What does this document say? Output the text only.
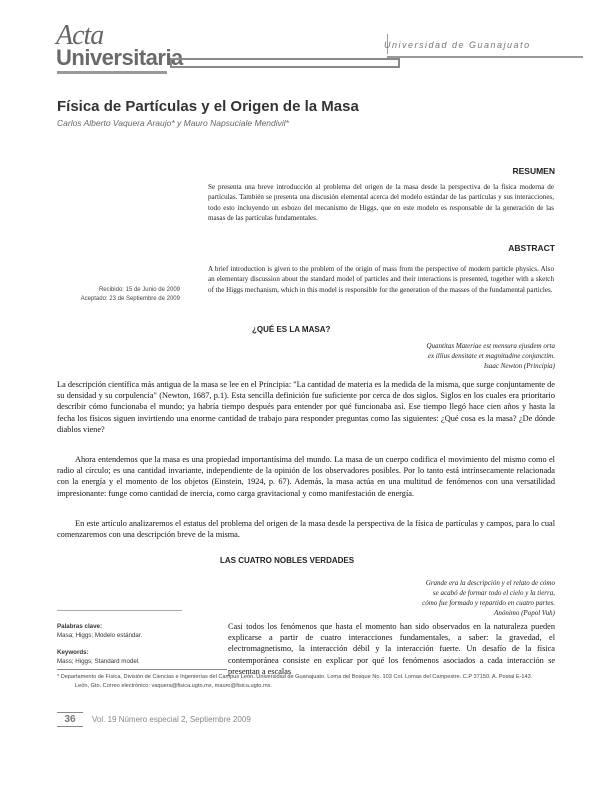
Acta
Universitaria	Universidad de Guanajuato
Física de Partículas y el Origen de la Masa
Carlos Alberto Vaquera Araujo* y Mauro Napsuciale Mendivil*
RESUMEN
Se presenta una breve introducción al problema del origen de la masa desde la perspectiva de la física moderna de partículas. También se presenta una discusión elemental acerca del modelo estándar de las partículas y sus interacciones, todo esto incluyendo un esbozo del mecanismo de Higgs, que en este modelo es responsable de la generación de las masas de las partículas fundamentales.
ABSTRACT
A brief introduction is given to the problem of the origin of mass from the perspective of modern particle physics. Also an elementary discussion about the standard model of particles and their interactions is presented, together with a sketch of the Higgs mechanism, which in this model is responsible for the generation of the masses of the fundamental particles.
Recibido: 15 de Junio de 2009
Aceptado: 23 de Septiembre de 2009
¿QUÉ ES LA MASA?
Quantitas Materiae est mensura ejusdem orta
ex illius densitate et magnitudine conjunctim.
Isaac Newton (Principia)
La descripción científica más antigua de la masa se lee en el Principia: "La cantidad de materia es la medida de la misma, que surge conjuntamente de su densidad y su corpulencia" (Newton, 1687, p.1). Esta sencilla definición fue suficiente por cerca de dos siglos. Siglos en los cuales era prioritario describir cómo funcionaba el mundo; ya habría tiempo después para entender por qué funcionaba así. Ese tiempo llegó hace cien años y hasta la fecha los físicos siguen invirtiendo una enorme cantidad de trabajo para responder preguntas como las siguientes: ¿Qué cosa es la masa? ¿De dónde diablos viene?
Ahora entendemos que la masa es una propiedad importantísima del mundo. La masa de un cuerpo codifica el movimiento del mismo como el radio al círculo; es una cantidad invariante, independiente de la opinión de los observadores posibles. Por lo tanto está intrínsecamente relacionada con la energía y el momento de los objetos (Einstein, 1924, p. 67). Además, la masa actúa en una multitud de fenómenos con una versatilidad impresionante: funge como cantidad de inercia, como carga gravitacional y como manifestación de energía.
En este artículo analizaremos el estatus del problema del origen de la masa desde la perspectiva de la física de partículas y campos, para lo cual comenzaremos con una descripción breve de la misma.
LAS CUATRO NOBLES VERDADES
Grande era la descripción y el relato de cómo
se acabó de formar todo el cielo y la tierra,
cómo fue formado y repartido en cuatro partes.
Anónimo (Popol Vuh)
Palabras clave:
Masa; Higgs; Modelo estándar.
Keywords:
Mass; Higgs; Standard model.
Casi todos los fenómenos que hasta el momento han sido observados en la naturaleza pueden explicarse a partir de cuatro interacciones fundamentales, a saber: la gravedad, el electromagnetismo, la interacción débil y la interacción fuerte. Un desafío de la física contemporánea consiste en explicar por qué los fenómenos asociados a cada interacción se presentan a escalas
* Departamento de Física, División de Ciencias e Ingenierías del Campus León. Universidad de Guanajuato. Loma del Bosque No. 103 Col. Lomas del Campestre. C.P 37150. A. Postal E-143.
León, Gto. Correo electrónico: vaquera@fisica.ugto.mx, mauro@fisica.ugto.mx.
36	Vol. 19 Número especial 2, Septiembre 2009
